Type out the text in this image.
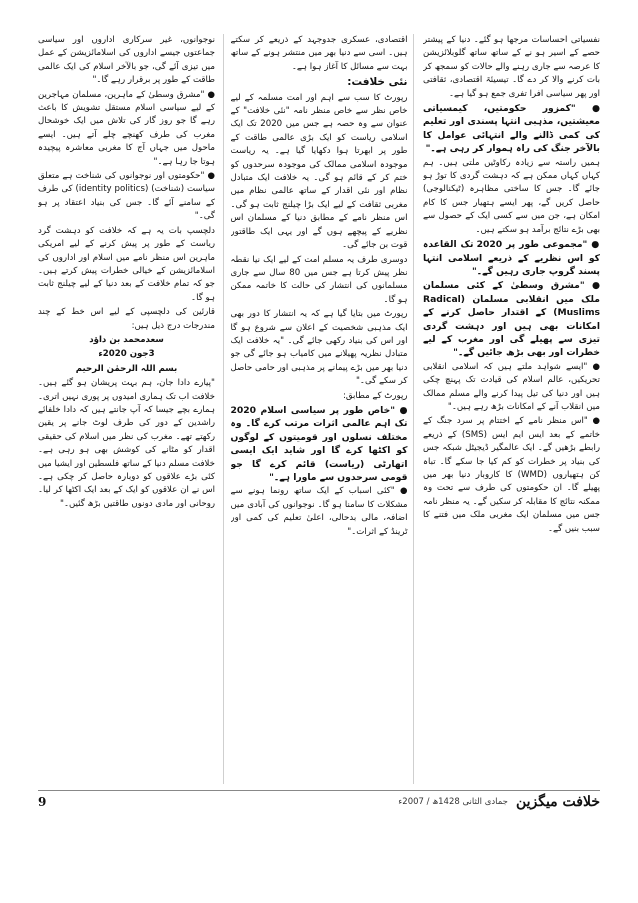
نفسیاتی احساسات مرجھا ہو گئے۔ دنیا کے پیشتر حصے کے اسیر ہو نے کے ساتھ ساتھ گلوبلائزیشن کا عرصہ سے جاری رہنے والے حالات کو سمجھ کر بات کرنے والا کر دے گا۔ تیسیئۃ اقتصادی، ثقافتی اور پھر سیاسی افرا تفری جمع ہو گیا ہے۔

● "کمزور حکومتیں، کیمسیاتی معیشتیں، مذہبی انتہا پسندی اور تعلیم کی کمی ڈالنے والے انتہائی عوامل کا بالآخر جنگ کی راہ ہموار کر رہی ہے۔"

ہمیں راستہ سے زیادہ رکاوٹیں ملتی ہیں۔ ہم کہاں کہاں ممکن ہے کہ دہشت گردی کا توڑ ہو جائے گا۔ جس کا ساختی مظاہرہ (ٹیکنالوجی) حاصل کریں گے، پھر ایسے ہتھیار جس کا کام امکان ہے، جن میں سے کسی ایک کے حصول سے بھی بڑے نتائج برآمد ہو سکتے ہیں۔

● "مجموعی طور پر 2020 تک القاعدہ کو اس نظریے کے ذریعے اسلامی انتہا پسند گروپ جاری رہیں گے۔"

● "مشرق وسطیٰ کے کئی مسلمان ملک میں انقلابی مسلمان (Radical Muslims) کے اقتدار حاصل کرنے کے امکانات بھی ہیں اور دہشت گردی تیزی سے پھیلے گی اور مغرب کے لیے خطرات اور بھی بڑھ جائیں گے۔"

● "ایسے شواہد ملتے ہیں کہ اسلامی انقلابی تحریکیں، عالم اسلام کی قیادت تک پہنچ چکی ہیں اور دنیا کی تیل پیدا کرنے والے مسلم ممالک میں انقلاب آنے کے امکانات بڑھ رہے ہیں۔"

● "اس منظر نامے کے اختتام پر سرد جنگ کے خاتمے کے بعد ایس ایم ایس (SMS) کے ذریعے رابطے بڑھیں گے۔ ایک عالمگیر ڈیجیٹل شبکہ جس کی بنیاد پر خطرات کو کم کیا جا سکے گا۔ تباہ کن ہتھیاروں (WMD) کا کاروبار دنیا بھر میں پھیلے گا۔ ان حکومتوں کی طرف سے تحت وہ ممکنہ نتائج کا مقابلہ کر سکیں گے۔ یہ منظر نامہ جس میں مسلمان ایک مغربی ملک میں فتنے کا سبب بنیں گے۔

اقتصادی، عسکری جدوجہد کے ذریعے کر سکتے ہیں۔ اسی سے دنیا بھر میں منتشر ہونے کے ساتھ بہت سے مسائل کا آغاز ہوا ہے۔

نئی خلافت:

رپورٹ کا سب سے اہم اور امت مسلمہ کے لیے خاص نظر سے خاص منظر نامہ "نئی خلافت" کے عنوان سے وہ حصہ ہے جس میں 2020 تک ایک اسلامی ریاست کو ایک بڑی عالمی طاقت کے طور پر ابھرتا ہوا دکھایا گیا ہے۔ یہ ریاست موجودہ اسلامی ممالک کی موجودہ سرحدوں کو ختم کر کے قائم ہو گی۔ یہ خلافت ایک متبادل نظام اور نئی اقدار کے ساتھ عالمی نظام میں مغربی ثقافت کے لیے ایک بڑا چیلنج ثابت ہو گی۔ اس منظر نامے کے مطابق دنیا کے مسلمان اس نظریے کے پیچھے ہوں گے اور یہی ایک طاقتور قوت بن جائے گی۔

دوسری طرف یہ مسلم امت کے لیے ایک نیا نقطہ نظر پیش کرتا ہے جس میں 80 سال سے جاری مسلمانوں کی انتشار کی حالت کا خاتمہ ممکن ہو گا۔

رپورٹ میں بتایا گیا ہے کہ یہ انتشار کا دور بھی ایک مذہبی شخصیت کے اعلان سے شروع ہو گا اور اس کی بنیاد رکھی جائے گی۔ "یہ خلافت ایک متبادل نظریہ پھیلانے میں کامیاب ہو جائے گی جو دنیا بھر میں بڑے پیمانے پر مذہبی اور حامی حاصل کر سکے گی۔"

رپورٹ کے مطابق:

● "خاص طور پر سیاسی اسلام 2020 تک اہم عالمی اثرات مرتب کرے گا۔ وہ مختلف نسلوں اور قومیتوں کے لوگوں کو اکٹھا کرے گا اور شاید ایک ایسی اتھارٹی (ریاست) قائم کرے گا جو قومی سرحدوں سے ماورا ہے۔"

● "کئی اسباب کے ایک ساتھ رونما ہونے سے مشکلات کا سامنا ہو گا۔ نوجوانوں کی آبادی میں اضافہ، مالی بدحالی، اعلیٰ تعلیم کی کمی اور ٹرینڈ کے اثرات۔"

نوجوانوں، غیر سرکاری اداروں اور سیاسی جماعتوں جیسے اداروں کی اسلامائزیشن کے عمل میں تیزی آئے گی، جو بالآخر اسلام کی ایک عالمی طاقت کے طور پر برقرار رہے گا۔"

● "مشرق وسطیٰ کے ماہرین، مسلمان مہاجرین کے لیے سیاسی اسلام مستقل تشویش کا باعث رہے گا جو روز گار کی تلاش میں ایک خوشحال مغرب کی طرف کھنچے چلے آتے ہیں۔ ایسے ماحول میں جہاں آج کا مغربی معاشرہ پیچیدہ ہوتا جا رہا ہے۔"

● "حکومتوں اور نوجوانوں کی شناخت ہے متعلق سیاست (شناخت) (identity politics) کی طرف کے سامنے آئے گا۔ جس کی بنیاد اعتقاد پر ہو گی۔"

دلچسپ بات یہ ہے کہ خلافت کو دہشت گرد ریاست کے طور پر پیش کرنے کے لیے امریکی ماہرین اس منظر نامے میں اسلام اور اداروں کی اسلامائزیشن کے خیالی خطرات پیش کرتے ہیں۔ جو کہ تمام خلافت کے بعد دنیا کے لیے چیلنج ثابت ہو گا۔

قارئین کی دلچسپی کے لیے اس خط کے چند مندرجات درج ذیل ہیں:

سعدمحمد بن داؤد

3جون 2020ء

بسم اللہ الرحمٰن الرحیم

"پیارے دادا جان، ہم بہت پریشان ہو گئے ہیں۔ خلافت اب تک ہماری امیدوں پر پوری نہیں اتری۔ ہمارے بچے جیسا کہ آپ جانتے ہیں کہ دادا خلفائے راشدین کے دور کی طرف لوٹ جانے پر یقین رکھتے تھے۔ مغرب کی نظر میں اسلام کی حقیقی اقدار کو مٹانے کی کوشش بھی ہو رہی ہے۔ خلافت مسلم دنیا کے ساتھ فلسطین اور ایشیا میں کئی بڑے علاقوں کو دوبارہ حاصل کر چکی ہے۔ اس نے ان علاقوں کو ایک کے بعد ایک اکٹھا کر لیا۔ روحانی اور مادی دونوں طاقتیں بڑھ گئیں۔"

9	خلافت میگزین
جمادی الثانی 1428ھ / 2007ء
